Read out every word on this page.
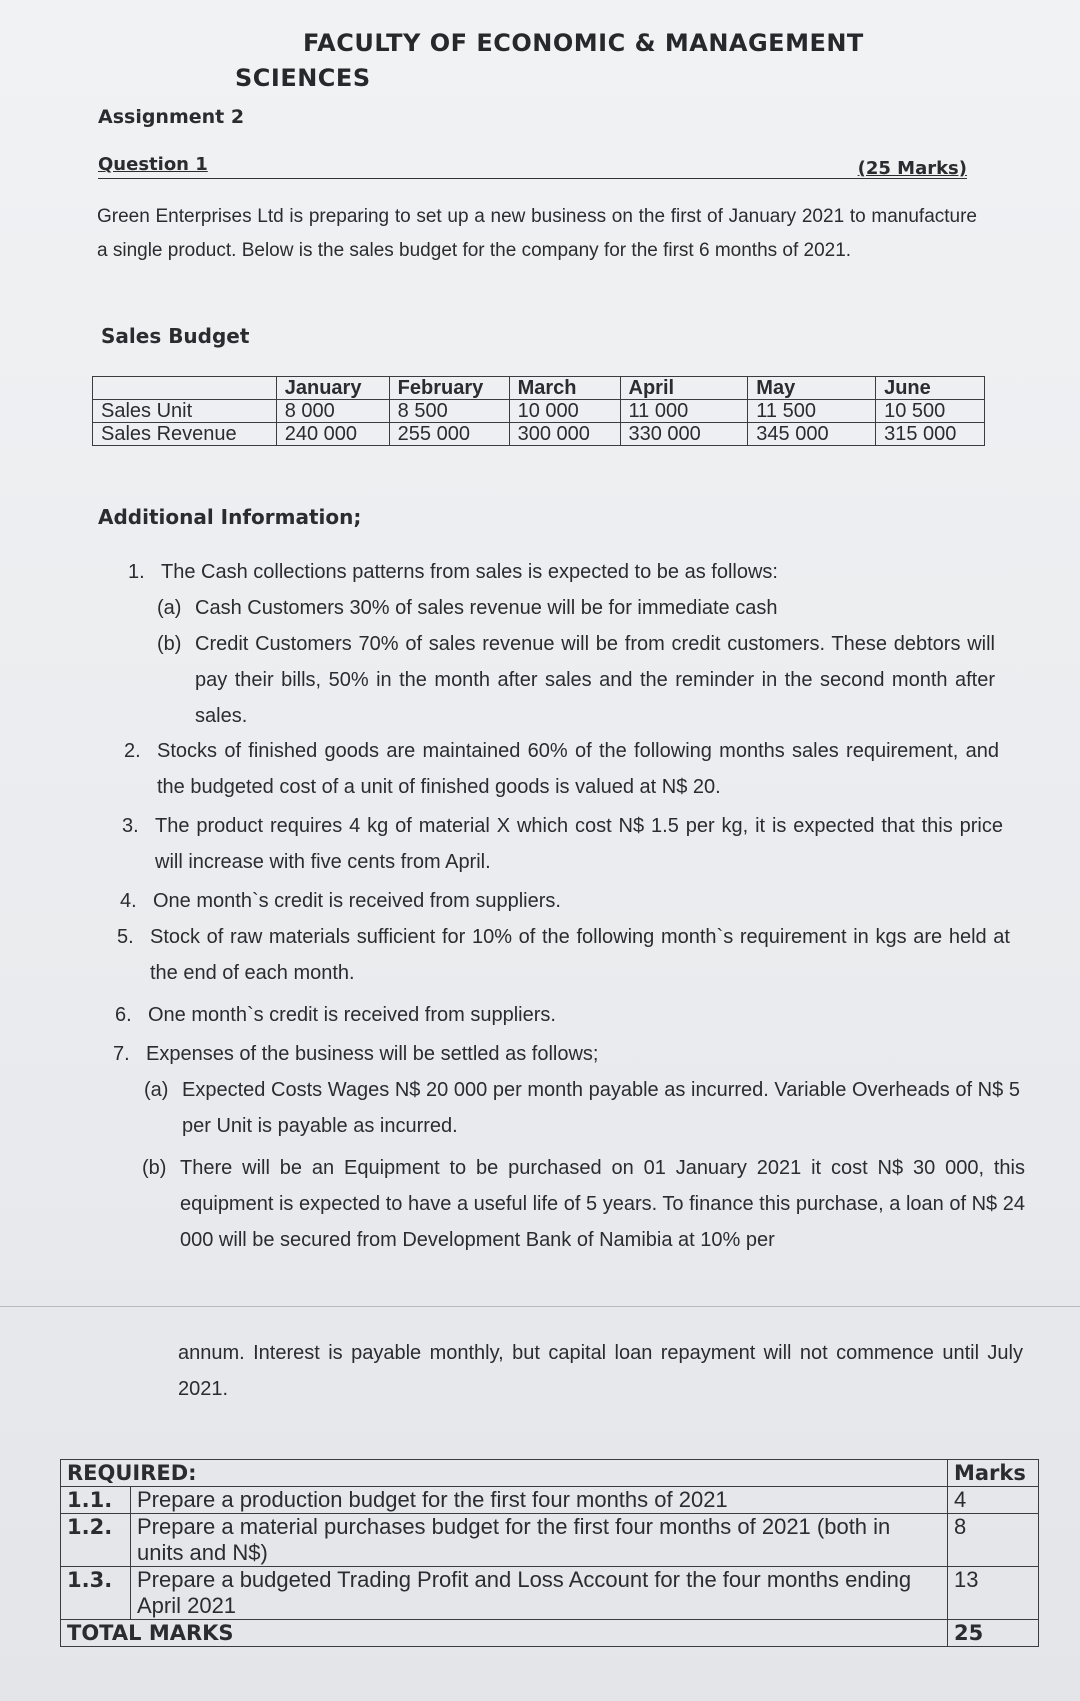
FACULTY OF ECONOMIC & MANAGEMENT
SCIENCES
Assignment 2
Question 1	(25 Marks)
Green Enterprises Ltd is preparing to set up a new business on the first of January 2021 to manufacture a single product. Below is the sales budget for the company for the first 6 months of 2021.
Sales Budget
	January	February	March	April	May	June
Sales Unit	8 000	8 500	10 000	11 000	11 500	10 500
Sales Revenue	240 000	255 000	300 000	330 000	345 000	315 000
Additional Information;
1. The Cash collections patterns from sales is expected to be as follows:
(a) Cash Customers 30% of sales revenue will be for immediate cash
(b) Credit Customers 70% of sales revenue will be from credit customers. These debtors will pay their bills, 50% in the month after sales and the reminder in the second month after sales.
2. Stocks of finished goods are maintained 60% of the following months sales requirement, and the budgeted cost of a unit of finished goods is valued at N$ 20.
3. The product requires 4 kg of material X which cost N$ 1.5 per kg, it is expected that this price will increase with five cents from April.
4. One month`s credit is received from suppliers.
5. Stock of raw materials sufficient for 10% of the following month`s requirement in kgs are held at the end of each month.
6. One month`s credit is received from suppliers.
7. Expenses of the business will be settled as follows;
(a) Expected Costs Wages N$ 20 000 per month payable as incurred. Variable Overheads of N$ 5 per Unit is payable as incurred.
(b) There will be an Equipment to be purchased on 01 January 2021 it cost N$ 30 000, this equipment is expected to have a useful life of 5 years. To finance this purchase, a loan of N$ 24 000 will be secured from Development Bank of Namibia at 10% per
annum. Interest is payable monthly, but capital loan repayment will not commence until July 2021.
REQUIRED:		Marks
1.1.	Prepare a production budget for the first four months of 2021	4
1.2.	Prepare a material purchases budget for the first four months of 2021 (both in units and N$)	8
1.3.	Prepare a budgeted Trading Profit and Loss Account for the four months ending April 2021	13
TOTAL MARKS		25
